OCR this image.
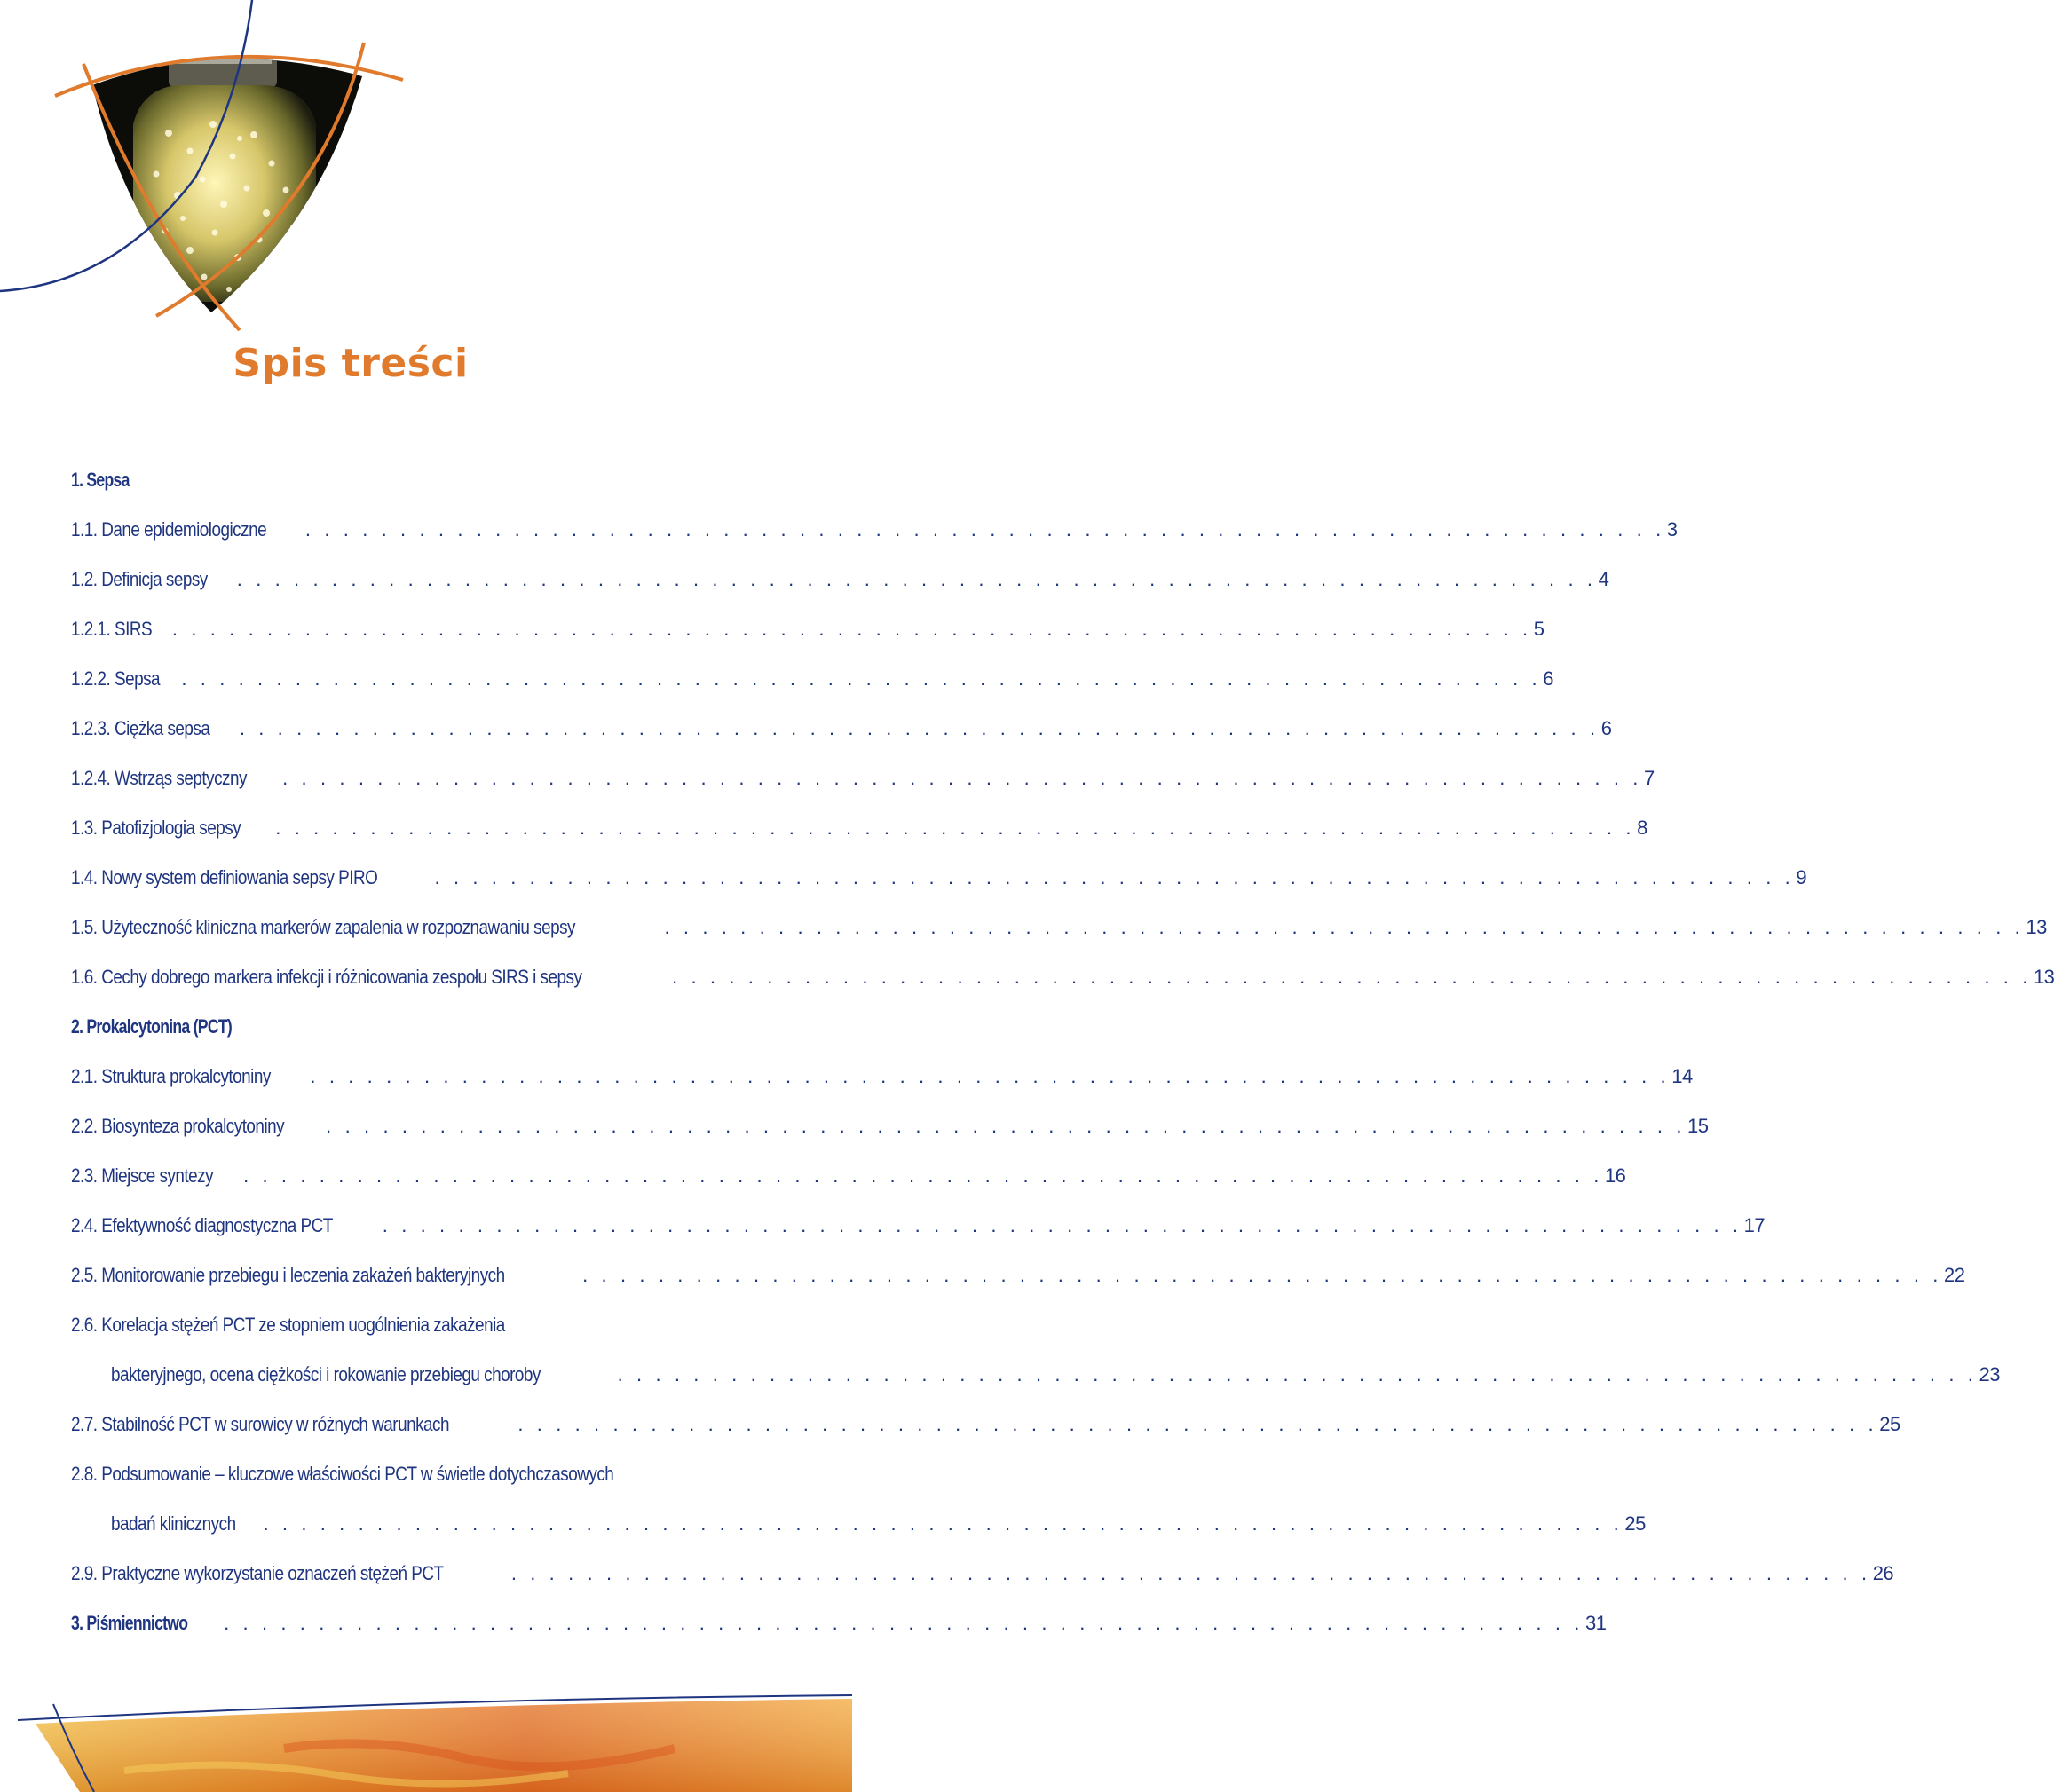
Spis treści
1. Sepsa
1.1. Dane epidemiologiczne . . . . . . . . . . . . . . . . . . . . . . . . . . . . . . . . . . . . . . . . . . . . . . . . . . . . . . . . . . . . . . . . . . . . . . . . 3
1.2. Definicja sepsy . . . . . . . . . . . . . . . . . . . . . . . . . . . . . . . . . . . . . . . . . . . . . . . . . . . . . . . . . . . . . . . . . . . . . . . . 4
1.2.1. SIRS . . . . . . . . . . . . . . . . . . . . . . . . . . . . . . . . . . . . . . . . . . . . . . . . . . . . . . . . . . . . . . . . . . . . . . . . 5
1.2.2. Sepsa . . . . . . . . . . . . . . . . . . . . . . . . . . . . . . . . . . . . . . . . . . . . . . . . . . . . . . . . . . . . . . . . . . . . . . . . 6
1.2.3. Ciężka sepsa . . . . . . . . . . . . . . . . . . . . . . . . . . . . . . . . . . . . . . . . . . . . . . . . . . . . . . . . . . . . . . . . . . . . . . . . 6
1.2.4. Wstrząs septyczny . . . . . . . . . . . . . . . . . . . . . . . . . . . . . . . . . . . . . . . . . . . . . . . . . . . . . . . . . . . . . . . . . . . . . . . . 7
1.3. Patofizjologia sepsy . . . . . . . . . . . . . . . . . . . . . . . . . . . . . . . . . . . . . . . . . . . . . . . . . . . . . . . . . . . . . . . . . . . . . . . . 8
1.4. Nowy system definiowania sepsy PIRO	. . . . . . . . . . . . . . . . . . . . . . . . . . . . . . . . . . . . . . . . . . . . . . . . . . . . . . . . . . . . . . . . . . . . . . . . 9
1.5. Użyteczność kliniczna markerów zapalenia w rozpoznawaniu sepsy	. . . . . . . . . . . . . . . . . . . . . . . . . . . . . . . . . . . . . . . . . . . . . . . . . . . . . . . . . . . . . . . . . . . . . . . . 13
1.6. Cechy dobrego markera infekcji i różnicowania zespołu SIRS i sepsy	. . . . . . . . . . . . . . . . . . . . . . . . . . . . . . . . . . . . . . . . . . . . . . . . . . . . . . . . . . . . . . . . . . . . . . . . 13
2. Prokalcytonina (PCT)
2.1. Struktura prokalcytoniny . . . . . . . . . . . . . . . . . . . . . . . . . . . . . . . . . . . . . . . . . . . . . . . . . . . . . . . . . . . . . . . . . . . . . . . . 14
2.2. Biosynteza prokalcytoniny . . . . . . . . . . . . . . . . . . . . . . . . . . . . . . . . . . . . . . . . . . . . . . . . . . . . . . . . . . . . . . . . . . . . . . . . 15
2.3. Miejsce syntezy . . . . . . . . . . . . . . . . . . . . . . . . . . . . . . . . . . . . . . . . . . . . . . . . . . . . . . . . . . . . . . . . . . . . . . . . 16
2.4. Efektywność diagnostyczna PCT	. . . . . . . . . . . . . . . . . . . . . . . . . . . . . . . . . . . . . . . . . . . . . . . . . . . . . . . . . . . . . . . . . . . . . . . . 17
2.5. Monitorowanie przebiegu i leczenia zakażeń bakteryjnych	. . . . . . . . . . . . . . . . . . . . . . . . . . . . . . . . . . . . . . . . . . . . . . . . . . . . . . . . . . . . . . . . . . . . . . . . 22
2.6. Korelacja stężeń PCT ze stopniem uogólnienia zakażenia
bakteryjnego, ocena ciężkości i rokowanie przebiegu choroby	. . . . . . . . . . . . . . . . . . . . . . . . . . . . . . . . . . . . . . . . . . . . . . . . . . . . . . . . . . . . . . . . . . . . . . . . 23
2.7. Stabilność PCT w surowicy w różnych warunkach	. . . . . . . . . . . . . . . . . . . . . . . . . . . . . . . . . . . . . . . . . . . . . . . . . . . . . . . . . . . . . . . . . . . . . . . . 25
2.8. Podsumowanie – kluczowe właściwości PCT w świetle dotychczasowych
badań klinicznych . . . . . . . . . . . . . . . . . . . . . . . . . . . . . . . . . . . . . . . . . . . . . . . . . . . . . . . . . . . . . . . . . . . . . . . . 25
2.9. Praktyczne wykorzystanie oznaczeń stężeń PCT	. . . . . . . . . . . . . . . . . . . . . . . . . . . . . . . . . . . . . . . . . . . . . . . . . . . . . . . . . . . . . . . . . . . . . . . . 26
3. Piśmiennictwo . . . . . . . . . . . . . . . . . . . . . . . . . . . . . . . . . . . . . . . . . . . . . . . . . . . . . . . . . . . . . . . . . . . . . . . . 31
